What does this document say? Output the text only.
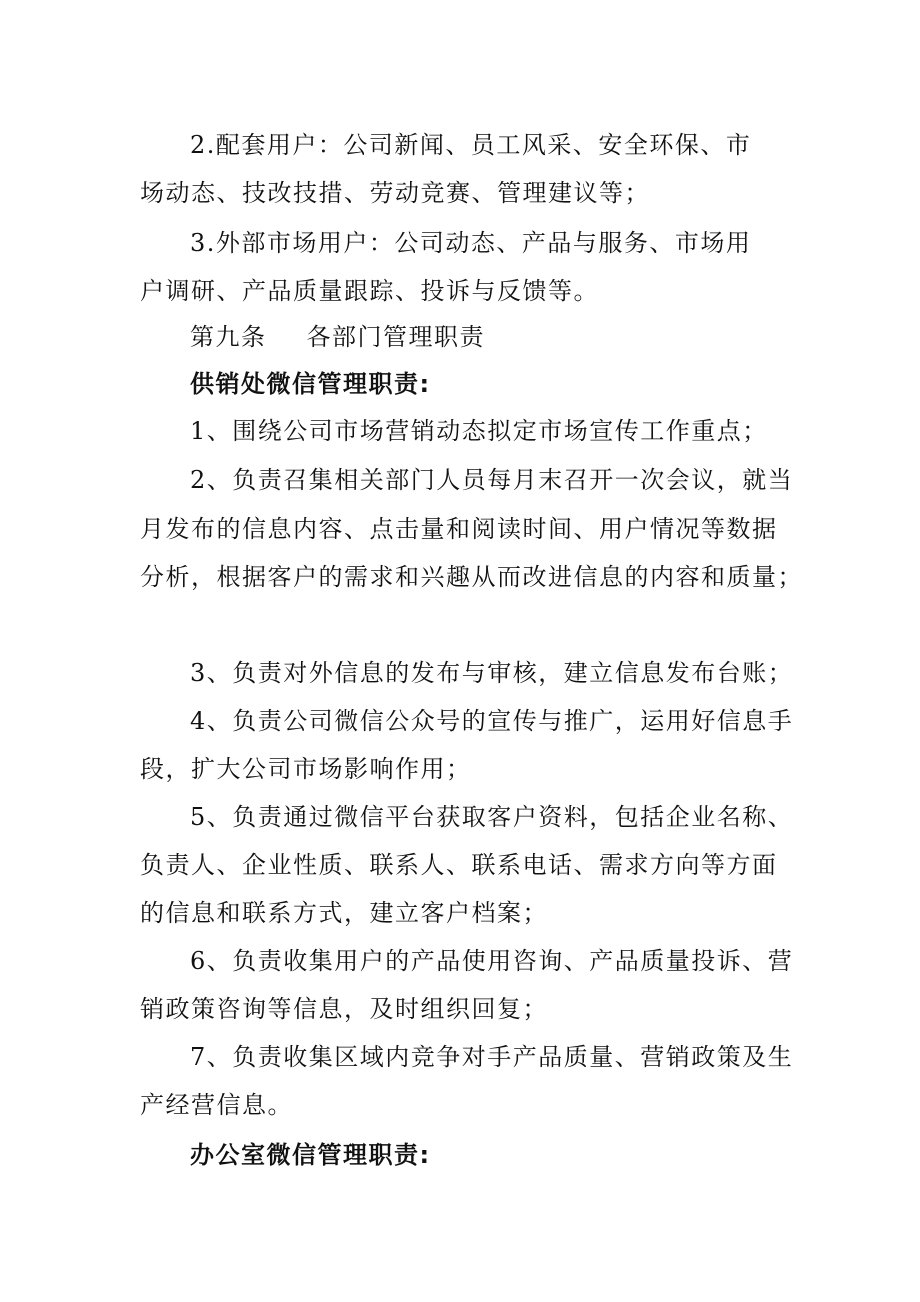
2.配套用户：公司新闻、员工风采、安全环保、市
场动态、技改技措、劳动竞赛、管理建议等；
3.外部市场用户：公司动态、产品与服务、市场用
户调研、产品质量跟踪、投诉与反馈等。
第九条 各部门管理职责
供销处微信管理职责:
1、围绕公司市场营销动态拟定市场宣传工作重点；
2、负责召集相关部门人员每月末召开一次会议，就当
月发布的信息内容、点击量和阅读时间、用户情况等数据
分析，根据客户的需求和兴趣从而改进信息的内容和质量；
3、负责对外信息的发布与审核，建立信息发布台账；
4、负责公司微信公众号的宣传与推广，运用好信息手
段，扩大公司市场影响作用；
5、负责通过微信平台获取客户资料，包括企业名称、
负责人、企业性质、联系人、联系电话、需求方向等方面
的信息和联系方式，建立客户档案；
6、负责收集用户的产品使用咨询、产品质量投诉、营
销政策咨询等信息，及时组织回复；
7、负责收集区域内竞争对手产品质量、营销政策及生
产经营信息。
办公室微信管理职责:
